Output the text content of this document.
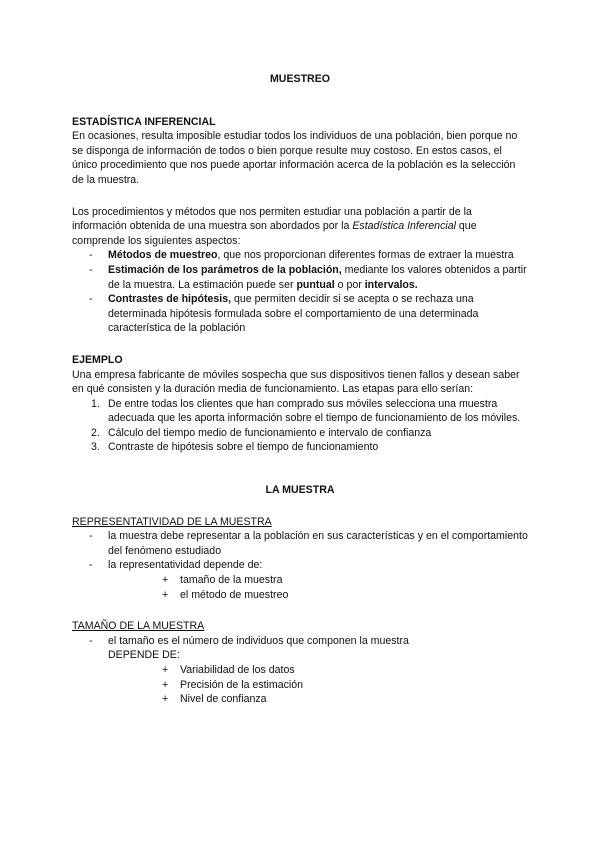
MUESTREO

ESTADÍSTICA INFERENCIAL

En ocasiones, resulta imposible estudiar todos los individuos de una población, bien porque no se disponga de información de todos o bien porque resulte muy costoso. En estos casos, el único procedimiento que nos puede aportar información acerca de la población es la selección de la muestra.

Los procedimientos y métodos que nos permiten estudiar una población a partir de la información obtenida de una muestra son abordados por la Estadística Inferencial que comprende los siguientes aspectos:

- Métodos de muestreo, que nos proporcionan diferentes formas de extraer la muestra
- Estimación de los parámetros de la población, mediante los valores obtenidos a partir de la muestra. La estimación puede ser puntual o por intervalos.
- Contrastes de hipótesis, que permiten decidir si se acepta o se rechaza una determinada hipótesis formulada sobre el comportamiento de una determinada característica de la población

EJEMPLO

Una empresa fabricante de móviles sospecha que sus dispositivos tienen fallos y desean saber en qué consisten y la duración media de funcionamiento. Las etapas para ello serían:

1. De entre todas los clientes que han comprado sus móviles selecciona una muestra adecuada que les aporta información sobre el tiempo de funcionamiento de los móviles.
2. Cálculo del tiempo medio de funcionamiento e intervalo de confianza
3. Contraste de hipótesis sobre el tiempo de funcionamiento

LA MUESTRA

REPRESENTATIVIDAD DE LA MUESTRA

- la muestra debe representar a la población en sus características y en el comportamiento del fenómeno estudiado
- la representatividad depende de:
+ tamaño de la muestra
+ el método de muestreo

TAMAÑO DE LA MUESTRA

- el tamaño es el número de individuos que componen la muestra
DEPENDE DE:
+ Variabilidad de los datos
+ Precisión de la estimación
+ Nivel de confianza
